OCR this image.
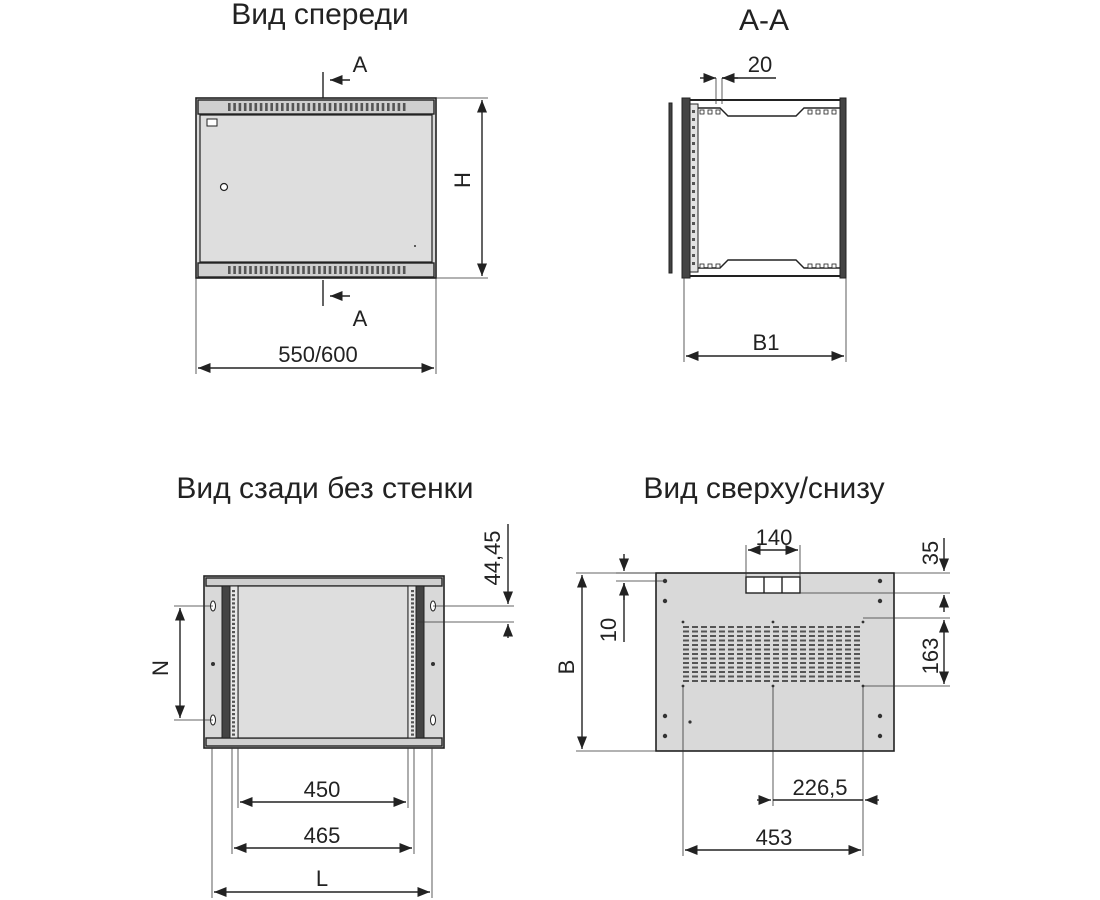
Вид спереди
A
A
H
550/600
A-A
20
B1
Вид сзади без стенки
N
44,45
450
465
L
Вид сверху/снизу
140
35
163
10
B
226,5
453
